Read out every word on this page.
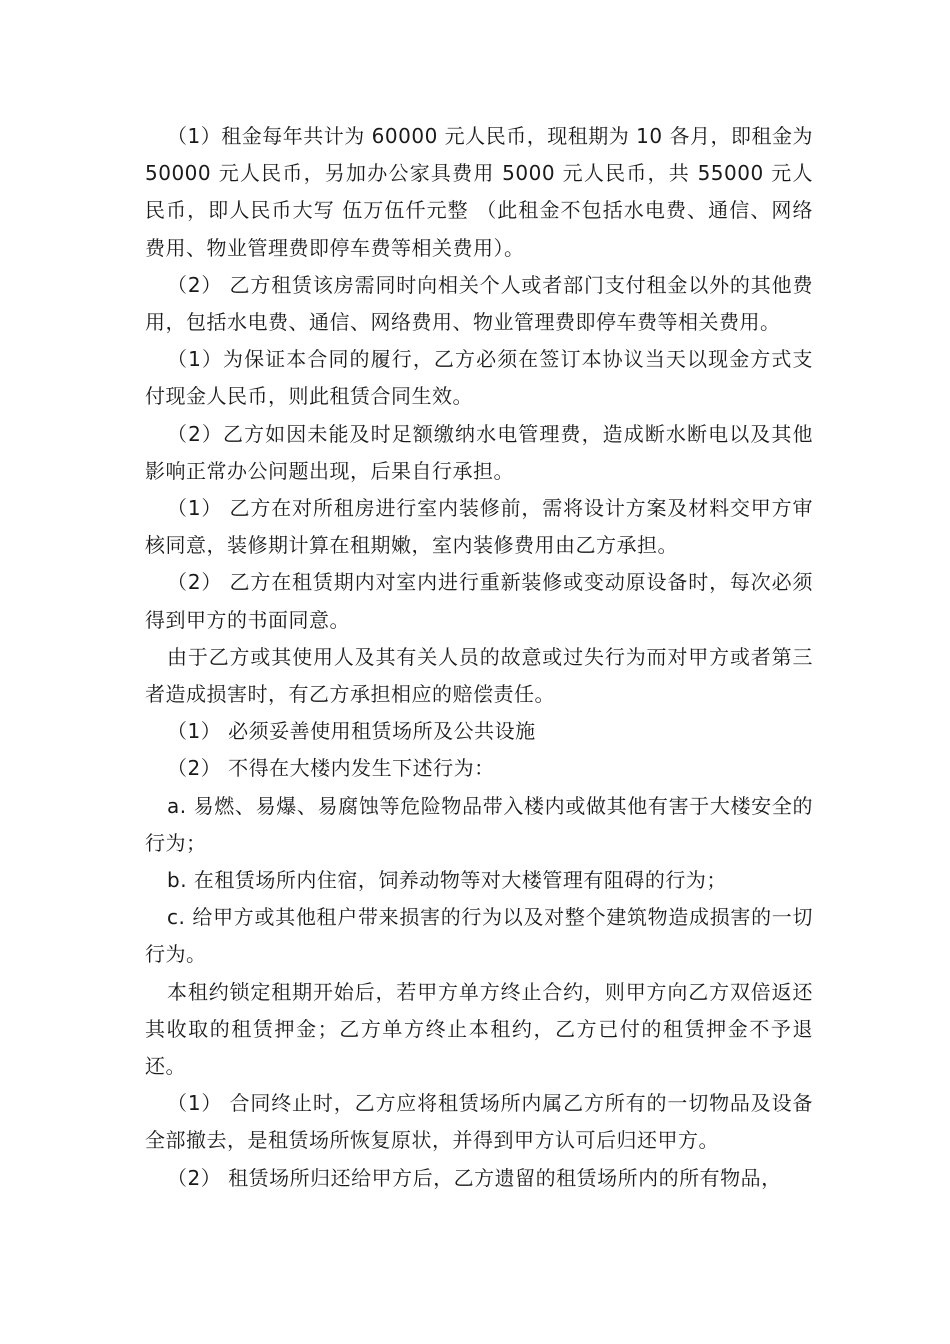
（1）租金每年共计为 60000 元人民币，现租期为 10 各月，即租金为 50000 元人民币，另加办公家具费用 5000 元人民币，共 55000 元人民币，即人民币大写 伍万伍仟元整 （此租金不包括水电费、通信、网络费用、物业管理费即停车费等相关费用）。

（2） 乙方租赁该房需同时向相关个人或者部门支付租金以外的其他费用，包括水电费、通信、网络费用、物业管理费即停车费等相关费用。

（1）为保证本合同的履行，乙方必须在签订本协议当天以现金方式支付现金人民币，则此租赁合同生效。

（2）乙方如因未能及时足额缴纳水电管理费，造成断水断电以及其他影响正常办公问题出现，后果自行承担。

（1） 乙方在对所租房进行室内装修前，需将设计方案及材料交甲方审核同意，装修期计算在租期嫩，室内装修费用由乙方承担。

（2） 乙方在租赁期内对室内进行重新装修或变动原设备时，每次必须得到甲方的书面同意。

由于乙方或其使用人及其有关人员的故意或过失行为而对甲方或者第三者造成损害时，有乙方承担相应的赔偿责任。

（1） 必须妥善使用租赁场所及公共设施

（2） 不得在大楼内发生下述行为：

a. 易燃、易爆、易腐蚀等危险物品带入楼内或做其他有害于大楼安全的行为；

b. 在租赁场所内住宿，饲养动物等对大楼管理有阻碍的行为；

c. 给甲方或其他租户带来损害的行为以及对整个建筑物造成损害的一切行为。

本租约锁定租期开始后，若甲方单方终止合约，则甲方向乙方双倍返还其收取的租赁押金；乙方单方终止本租约，乙方已付的租赁押金不予退还。

（1） 合同终止时，乙方应将租赁场所内属乙方所有的一切物品及设备全部撤去，是租赁场所恢复原状，并得到甲方认可后归还甲方。

（2） 租赁场所归还给甲方后，乙方遗留的租赁场所内的所有物品，
